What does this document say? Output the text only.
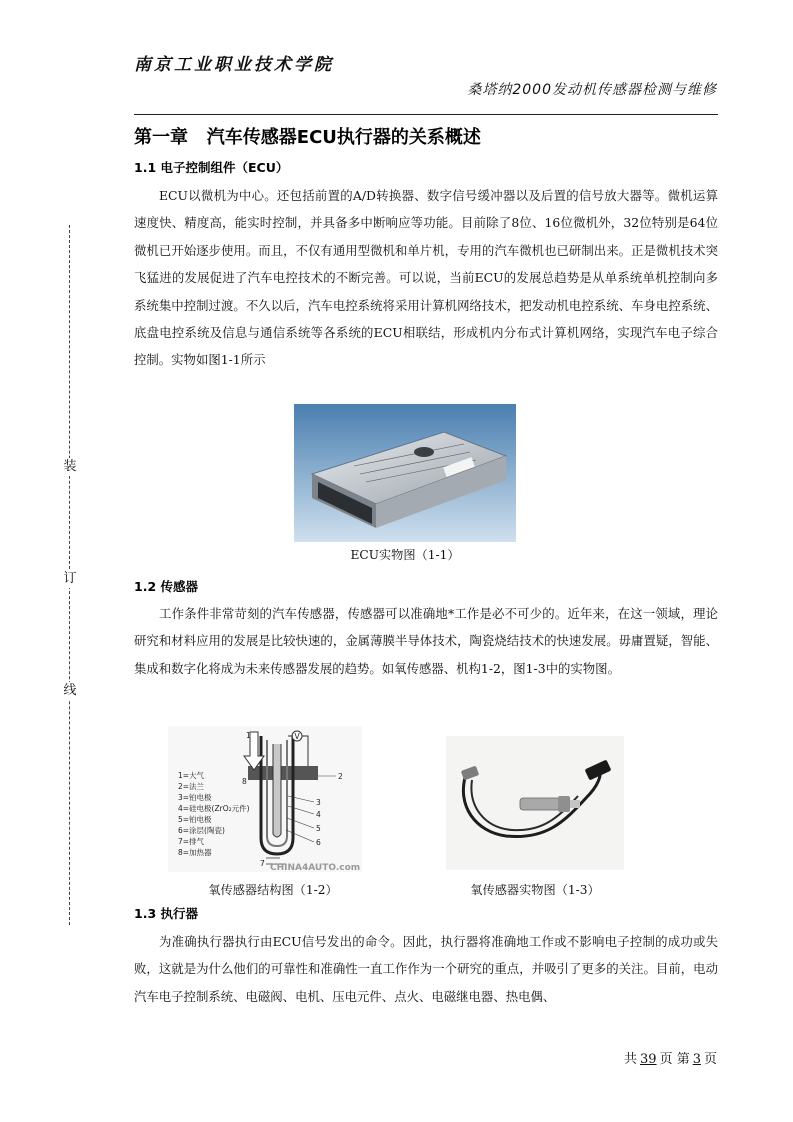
南京工业职业技术学院
桑塔纳2000发动机传感器检测与维修
装
订
线
第一章   汽车传感器ECU执行器的关系概述
1.1 电子控制组件（ECU）

ECU以微机为中心。还包括前置的A/D转换器、数字信号缓冲器以及后置的信号放大器等。微机运算速度快、精度高，能实时控制，并具备多中断响应等功能。目前除了8位、16位微机外，32位特别是64位微机已开始逐步使用。而且，不仅有通用型微机和单片机，专用的汽车微机也已研制出来。正是微机技术突飞猛进的发展促进了汽车电控技术的不断完善。可以说，当前ECU的发展总趋势是从单系统单机控制向多系统集中控制过渡。不久以后，汽车电控系统将采用计算机网络技术，把发动机电控系统、车身电控系统、底盘电控系统及信息与通信系统等各系统的ECU相联结，形成机内分布式计算机网络，实现汽车电子综合控制。实物如图1-1所示

ECU实物图（1-1）
1.2 传感器

工作条件非常苛刻的汽车传感器，传感器可以准确地*工作是必不可少的。近年来，在这一领域，理论研究和材料应用的发展是比较快速的，金属薄膜半导体技术，陶瓷烧结技术的快速发展。毋庸置疑，智能、集成和数字化将成为未来传感器发展的趋势。如氧传感器、机构1-2，图1-3中的实物图。

V
2
3
4
5
6
8
7
1
1=大气
2=法兰
3=铂电极
4=硅电极(ZrO₂元件)
5=铂电极
6=涂层(陶瓷)
7=排气
8=加热器
CHINA4AUTO.com
氧传感器结构图（1-2）	氧传感器实物图（1-3）
1.3 执行器

为准确执行器执行由ECU信号发出的命令。因此，执行器将准确地工作或不影响电子控制的成功或失败，这就是为什么他们的可靠性和准确性一直工作作为一个研究的重点，并吸引了更多的关注。目前，电动汽车电子控制系统、电磁阀、电机、压电元件、点火、电磁继电器、热电偶、

共 39 页 第 3 页
